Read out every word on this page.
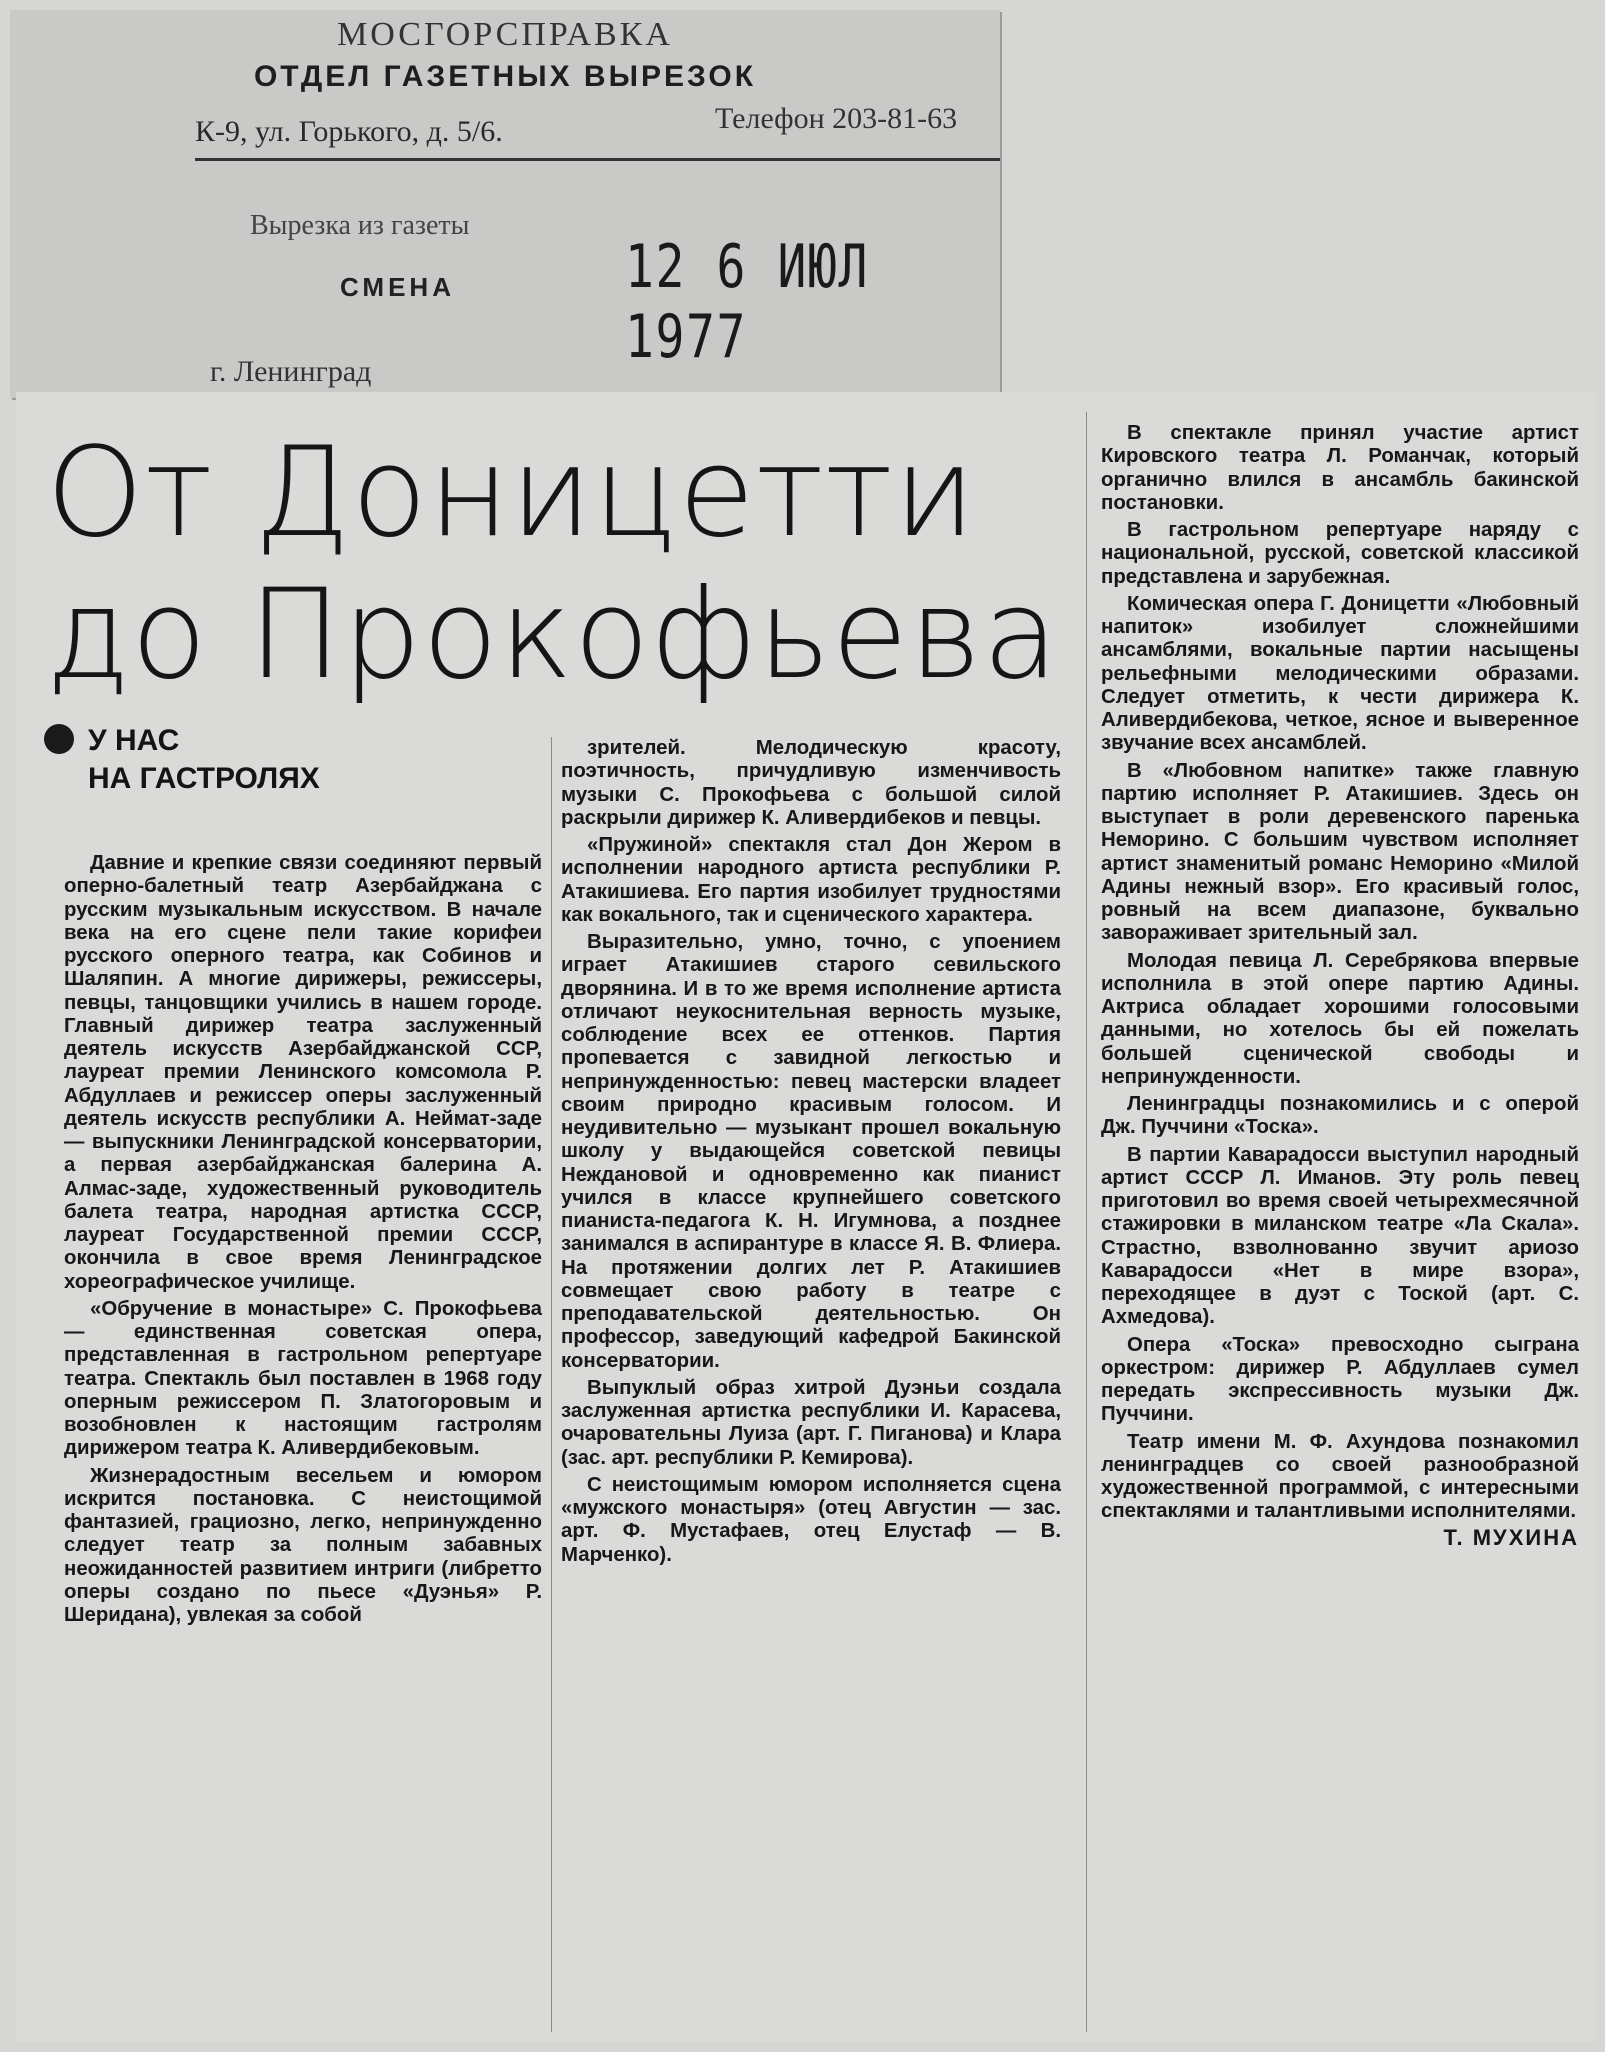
МОСГОРСПРАВКА
ОТДЕЛ ГАЗЕТНЫХ ВЫРЕЗОК
К-9, ул. Горького, д. 5/6.	Телефон 203-81-63
Вырезка из газеты
СМЕНА	12 6 ИЮЛ 1977
г. Ленинград
От Доницетти
до Прокофьева
У НАС
НА ГАСТРОЛЯХ

Давние и крепкие связи соединяют первый оперно-балетный театр Азербайджана с русским музыкальным искусством. В начале века на его сцене пели такие корифеи русского оперного театра, как Собинов и Шаляпин. А многие дирижеры, режиссеры, певцы, танцовщики учились в нашем городе. Главный дирижер театра заслуженный деятель искусств Азербайджанской ССР, лауреат премии Ленинского комсомола Р. Абдуллаев и режиссер оперы заслуженный деятель искусств республики А. Неймат-заде — выпускники Ленинградской консерватории, а первая азербайджанская балерина А. Алмас-заде, художественный руководитель балета театра, народная артистка СССР, лауреат Государственной премии СССР, окончила в свое время Ленинградское хореографическое училище.

«Обручение в монастыре» С. Прокофьева — единственная советская опера, представленная в гастрольном репертуаре театра. Спектакль был поставлен в 1968 году оперным режиссером П. Златогоровым и возобновлен к настоящим гастролям дирижером театра К. Аливердибековым.

Жизнерадостным весельем и юмором искрится постановка. С неистощимой фантазией, грациозно, легко, непринужденно следует театр за полным забавных неожиданностей развитием интриги (либретто оперы создано по пьесе «Дуэнья» Р. Шеридана), увлекая за собой

зрителей. Мелодическую красоту, поэтичность, причудливую изменчивость музыки С. Прокофьева с большой силой раскрыли дирижер К. Аливердибеков и певцы.

«Пружиной» спектакля стал Дон Жером в исполнении народного артиста республики Р. Атакишиева. Его партия изобилует трудностями как вокального, так и сценического характера.

Выразительно, умно, точно, с упоением играет Атакишиев старого севильского дворянина. И в то же время исполнение артиста отличают неукоснительная верность музыке, соблюдение всех ее оттенков. Партия пропевается с завидной легкостью и непринужденностью: певец мастерски владеет своим природно красивым голосом. И неудивительно — музыкант прошел вокальную школу у выдающейся советской певицы Неждановой и одновременно как пианист учился в классе крупнейшего советского пианиста-педагога К. Н. Игумнова, а позднее занимался в аспирантуре в классе Я. В. Флиера. На протяжении долгих лет Р. Атакишиев совмещает свою работу в театре с преподавательской деятельностью. Он профессор, заведующий кафедрой Бакинской консерватории.

Выпуклый образ хитрой Дуэньи создала заслуженная артистка республики И. Карасева, очаровательны Луиза (арт. Г. Пиганова) и Клара (зас. арт. республики Р. Кемирова).

С неистощимым юмором исполняется сцена «мужского монастыря» (отец Августин — зас. арт. Ф. Мустафаев, отец Елустаф — В. Марченко).

В спектакле принял участие артист Кировского театра Л. Романчак, который органично влился в ансамбль бакинской постановки.

В гастрольном репертуаре наряду с национальной, русской, советской классикой представлена и зарубежная.

Комическая опера Г. Доницетти «Любовный напиток» изобилует сложнейшими ансамблями, вокальные партии насыщены рельефными мелодическими образами. Следует отметить, к чести дирижера К. Аливердибекова, четкое, ясное и выверенное звучание всех ансамблей.

В «Любовном напитке» также главную партию исполняет Р. Атакишиев. Здесь он выступает в роли деревенского паренька Неморино. С большим чувством исполняет артист знаменитый романс Неморино «Милой Адины нежный взор». Его красивый голос, ровный на всем диапазоне, буквально завораживает зрительный зал.

Молодая певица Л. Серебрякова впервые исполнила в этой опере партию Адины. Актриса обладает хорошими голосовыми данными, но хотелось бы ей пожелать большей сценической свободы и непринужденности.

Ленинградцы познакомились и с оперой Дж. Пуччини «Тоска».

В партии Каварадосси выступил народный артист СССР Л. Иманов. Эту роль певец приготовил во время своей четырехмесячной стажировки в миланском театре «Ла Скала». Страстно, взволнованно звучит ариозо Каварадосси «Нет в мире взора», переходящее в дуэт с Тоской (арт. С. Ахмедова).

Опера «Тоска» превосходно сыграна оркестром: дирижер Р. Абдуллаев сумел передать экспрессивность музыки Дж. Пуччини.

Театр имени М. Ф. Ахундова познакомил ленинградцев со своей разнообразной художественной программой, с интересными спектаклями и талантливыми исполнителями.

Т. МУХИНА
